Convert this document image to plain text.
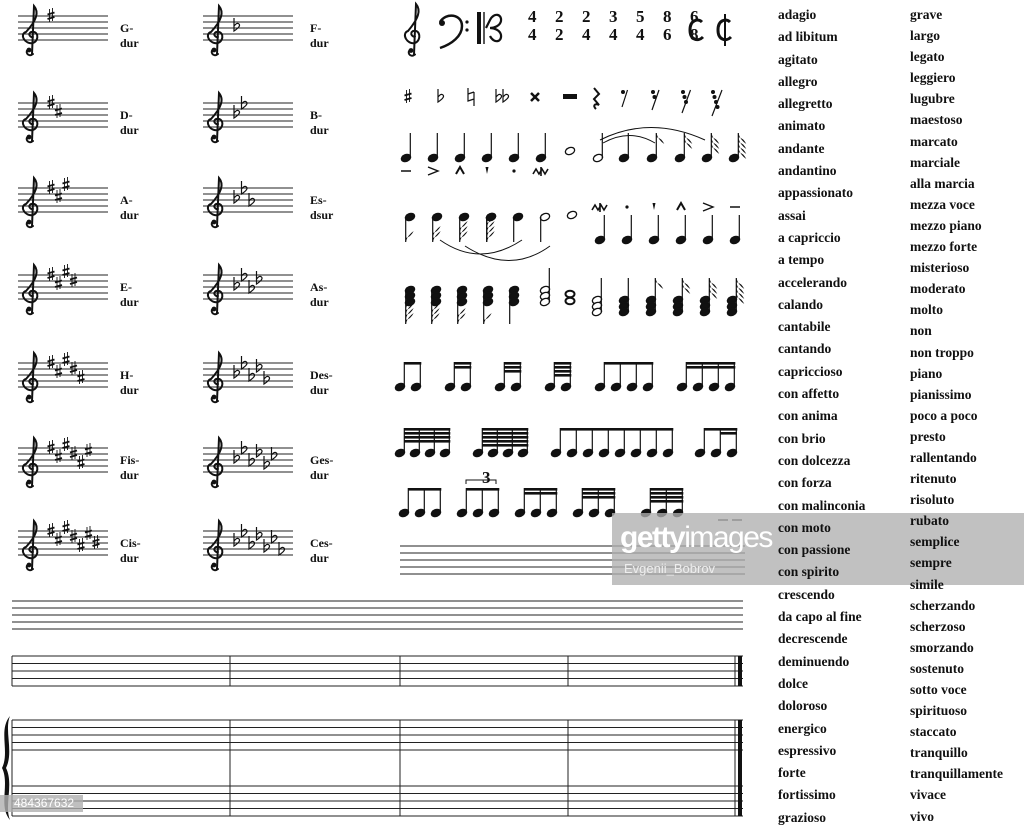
4
4
2
2
2
4
3
4
5
4
8
6
6
8
3
G-dur
D-dur
A-dur
E-dur
H-dur
Fis-dur
Cis-dur
F-dur
B-dur
Es-dsur
As-dur
Des-dur
Ges-dur
Ces-dur
gettyimages
Evgenii_Bobrov
484367632
adagio
ad libitum
agitato
allegro
allegretto
animato
andante
andantino
appassionato
assai
a capriccio
a tempo
accelerando
calando
cantabile
cantando
capriccioso
con affetto
con anima
con brio
con dolcezza
con forza
con malinconia
con moto
con passione
con spirito
crescendo
da capo al fine
decrescende
deminuendo
dolce
doloroso
energico
espressivo
forte
fortissimo
grazioso
grave
largo
legato
leggiero
lugubre
maestoso
marcato
marciale
alla marcia
mezza voce
mezzo piano
mezzo forte
misterioso
moderato
molto
non
non troppo
piano
pianissimo
poco a poco
presto
rallentando
ritenuto
risoluto
rubato
semplice
sempre
simile
scherzando
scherzoso
smorzando
sostenuto
sotto voce
spirituoso
staccato
tranquillo
tranquillamente
vivace
vivo
